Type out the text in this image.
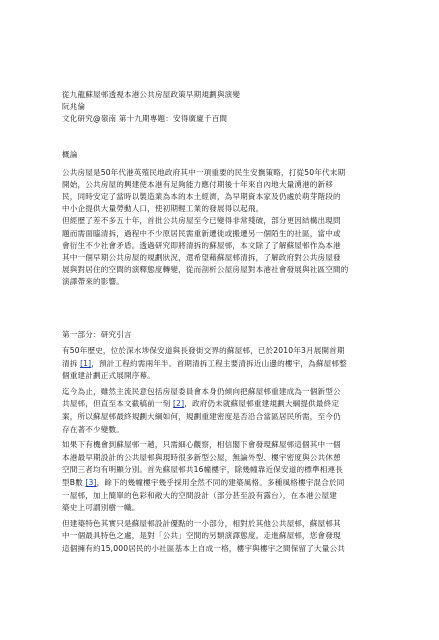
從九龍蘇屋邨透視本港公共房屋政策早期規劃與演變
阮兆倫
文化研究@嶺南 第十九期專題：安得廣廈千百間
概論
公共房屋是50年代港英殖民地政府其中一項重要的民生安撫策略，打從50年代末期
開始，公共房屋的興建使本港有足夠能力應付期後十年來自內地大量湧港的新移
民，同時安定了當時以製造業為本的本土經濟，為早期資本家及仍處於萌芽階段的
中小企提供大量勞動人口，使初期輕工業的發展得以起飛。
但經歷了差不多五十年，首批公共房屋至今已變得非常殘破，部分更因結構出現問
題而需面臨清拆，過程中不少原居民需重新遷徙或搬遷另一個陌生的社區，當中或
會衍生不少社會矛盾。透過研究即將清拆的蘇屋邨，本文除了了解蘇屋邨作為本港
其中一個早期公共房屋的規劃狀況，還希望藉蘇屋邨清拆，了解政府對公共房屋發
展與對居住的空間的演釋態度轉變，從而剖析公屋房屋對本港社會發展與社區空間的
演譯帶來的影響。
第一部分：研究引言
有50年歷史，位於深水埗保安道與長發街交界的蘇屋邨，已於2010年3月展開首期
清拆 [1]，預計工程約需兩年半。首期清拆工程主要清拆近山邊的樓宇，為蘇屋邨整
個重建計劃正式展開序幕。
迄今為止，雖然主流民意包括房屋委員會本身仍傾向把蘇屋邨重建成為一個新型公
共屋邨，但直至本文截稿前一刻 [2]，政府仍未就蘇屋邨重建規劃大綱提供最終定
案，所以蘇屋邨最終規劃大綱如何，規劃重建密度是否沿合當區居民所需，至今仍
存在著不少變數。
如果下有機會到蘇屋邨一趟，只需細心觀察，相信閣下會發現蘇屋邨這個其中一個
本港最早期設計的公共屋邨與現時很多新型公屋，無論外型、樓宇密度與公共休憩
空間三者均有明顯分別。首先蘇屋邨共16幢樓宇，除幾幢靠近保安道的標準相連長
型B數 [3]，餘下的幾幢樓宇幾乎採用全然不同的建築風格。多種風格樓宇混合於同
一屋邨，加上簡單的色彩和敞大的空間設計（部分甚至設有露台），在本港公屋建
築史上可謂別樹一幟。
但建築特色其實只是蘇屋邨設計優點的一小部分，相對於其他公共屋邨，蘇屋邨其
中一個最具特色之處，是對「公共」空間的另類演譯態度。走進蘇屋邨，您會發現
這個擁有約15,000居民的小社區基本上自成一格，樓宇與樓宇之間保留了大量公共
